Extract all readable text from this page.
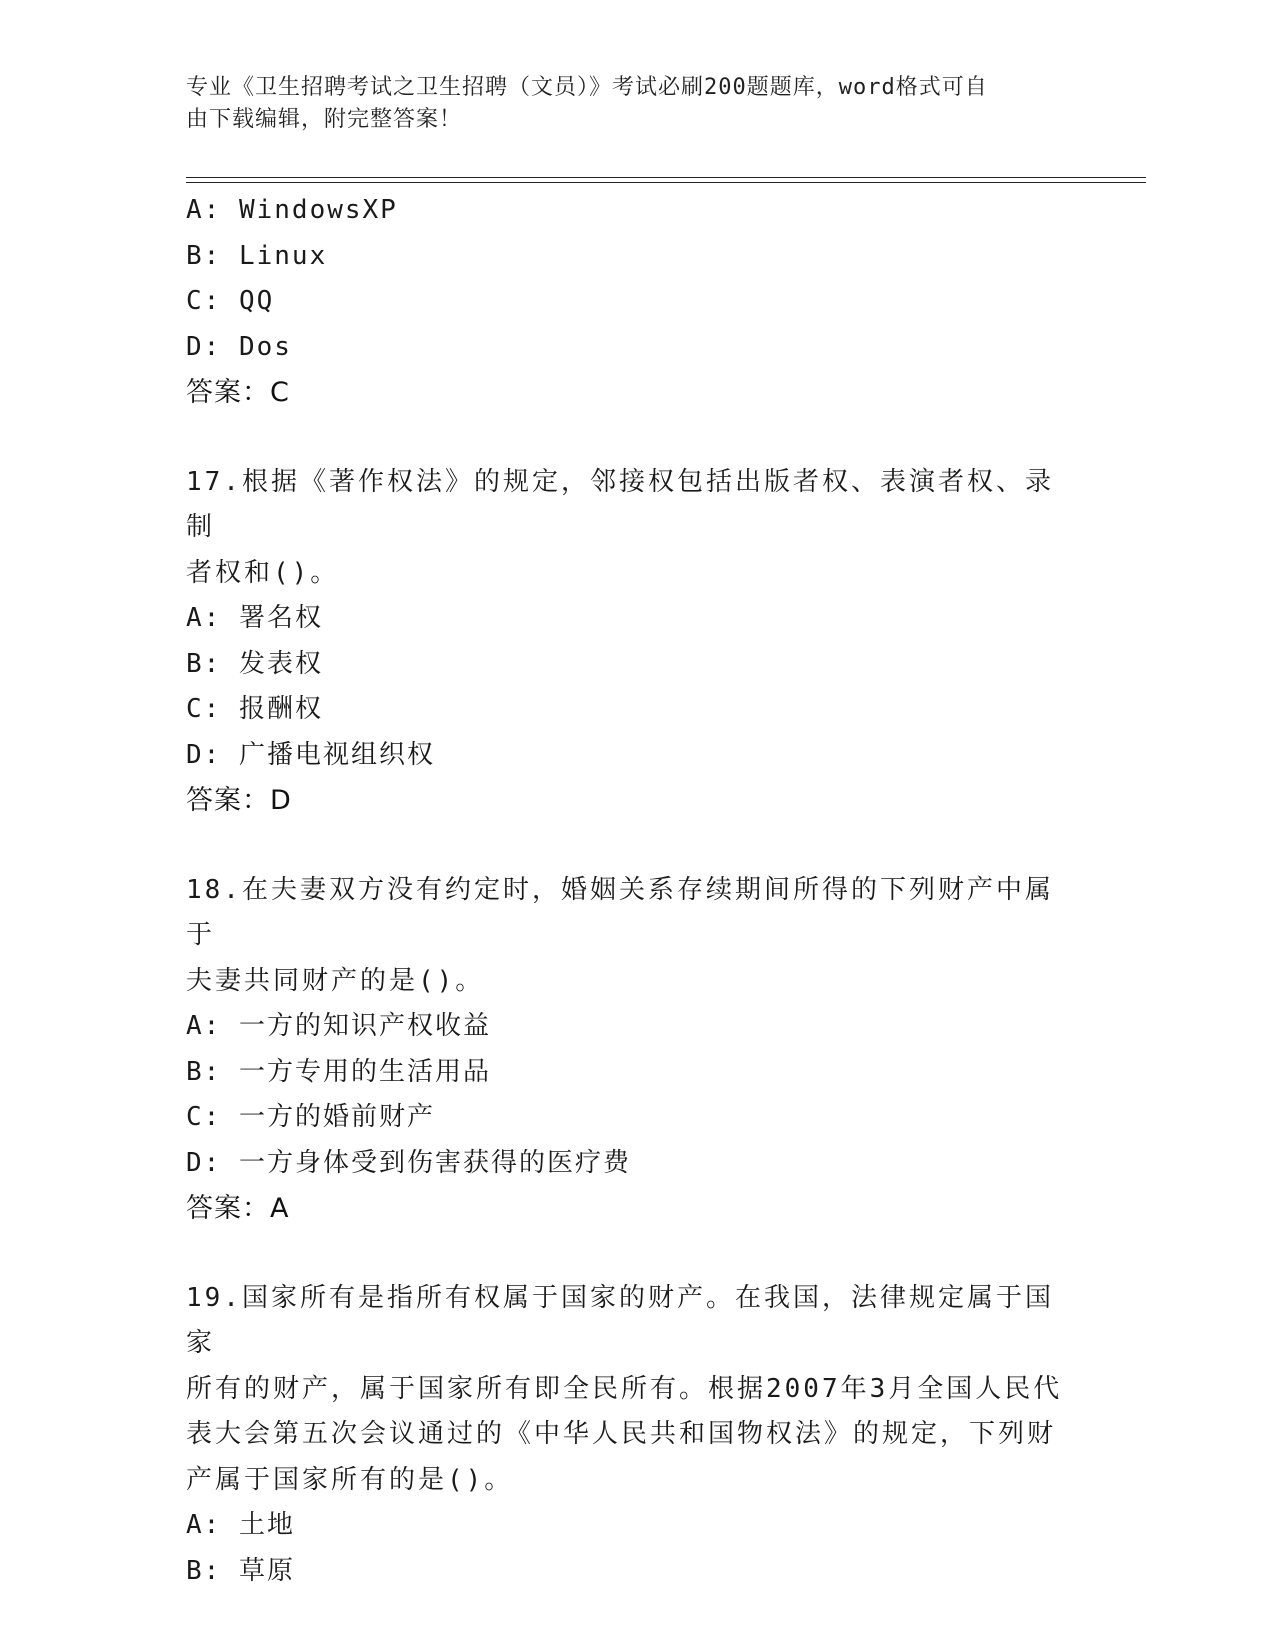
专业《卫生招聘考试之卫生招聘（文员）》考试必刷200题题库，word格式可自
由下载编辑，附完整答案！
A: WindowsXP
B: Linux
C: QQ
D: Dos
答案：C
17.根据《著作权法》的规定，邻接权包括出版者权、表演者权、录制
者权和()。
A: 署名权
B: 发表权
C: 报酬权
D: 广播电视组织权
答案：D
18.在夫妻双方没有约定时，婚姻关系存续期间所得的下列财产中属于
夫妻共同财产的是()。
A: 一方的知识产权收益
B: 一方专用的生活用品
C: 一方的婚前财产
D: 一方身体受到伤害获得的医疗费
答案：A
19.国家所有是指所有权属于国家的财产。在我国，法律规定属于国家
所有的财产，属于国家所有即全民所有。根据2007年3月全国人民代
表大会第五次会议通过的《中华人民共和国物权法》的规定，下列财
产属于国家所有的是()。
A: 土地
B: 草原
